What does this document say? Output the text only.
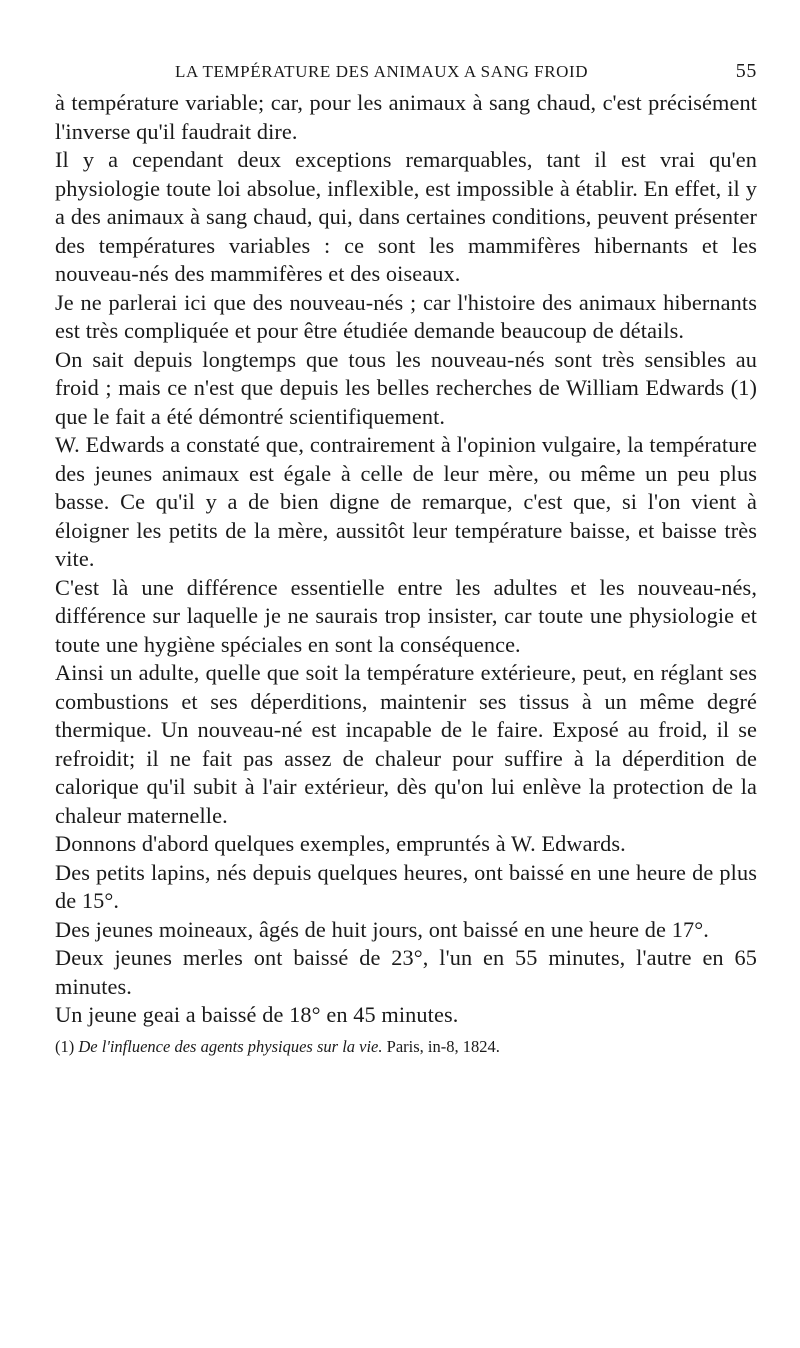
LA TEMPÉRATURE DES ANIMAUX A SANG FROID	55

à température variable; car, pour les animaux à sang chaud, c'est précisément l'inverse qu'il faudrait dire.

Il y a cependant deux exceptions remarquables, tant il est vrai qu'en physiologie toute loi absolue, inflexible, est impossible à établir. En effet, il y a des animaux à sang chaud, qui, dans certaines conditions, peuvent présenter des températures variables : ce sont les mammifères hibernants et les nouveau-nés des mammifères et des oiseaux.

Je ne parlerai ici que des nouveau-nés ; car l'histoire des animaux hibernants est très compliquée et pour être étudiée demande beaucoup de détails.

On sait depuis longtemps que tous les nouveau-nés sont très sensibles au froid ; mais ce n'est que depuis les belles recherches de William Edwards (1) que le fait a été démontré scientifiquement.

W. Edwards a constaté que, contrairement à l'opinion vulgaire, la température des jeunes animaux est égale à celle de leur mère, ou même un peu plus basse. Ce qu'il y a de bien digne de remarque, c'est que, si l'on vient à éloigner les petits de la mère, aussitôt leur température baisse, et baisse très vite.

C'est là une différence essentielle entre les adultes et les nouveau-nés, différence sur laquelle je ne saurais trop insister, car toute une physiologie et toute une hygiène spéciales en sont la conséquence.

Ainsi un adulte, quelle que soit la température extérieure, peut, en réglant ses combustions et ses déperditions, maintenir ses tissus à un même degré thermique. Un nouveau-né est incapable de le faire. Exposé au froid, il se refroidit; il ne fait pas assez de chaleur pour suffire à la déperdition de calorique qu'il subit à l'air extérieur, dès qu'on lui enlève la protection de la chaleur maternelle.

Donnons d'abord quelques exemples, empruntés à W. Edwards.

Des petits lapins, nés depuis quelques heures, ont baissé en une heure de plus de 15°.

Des jeunes moineaux, âgés de huit jours, ont baissé en une heure de 17°.

Deux jeunes merles ont baissé de 23°, l'un en 55 minutes, l'autre en 65 minutes.

Un jeune geai a baissé de 18° en 45 minutes.

(1) De l'influence des agents physiques sur la vie. Paris, in-8, 1824.
